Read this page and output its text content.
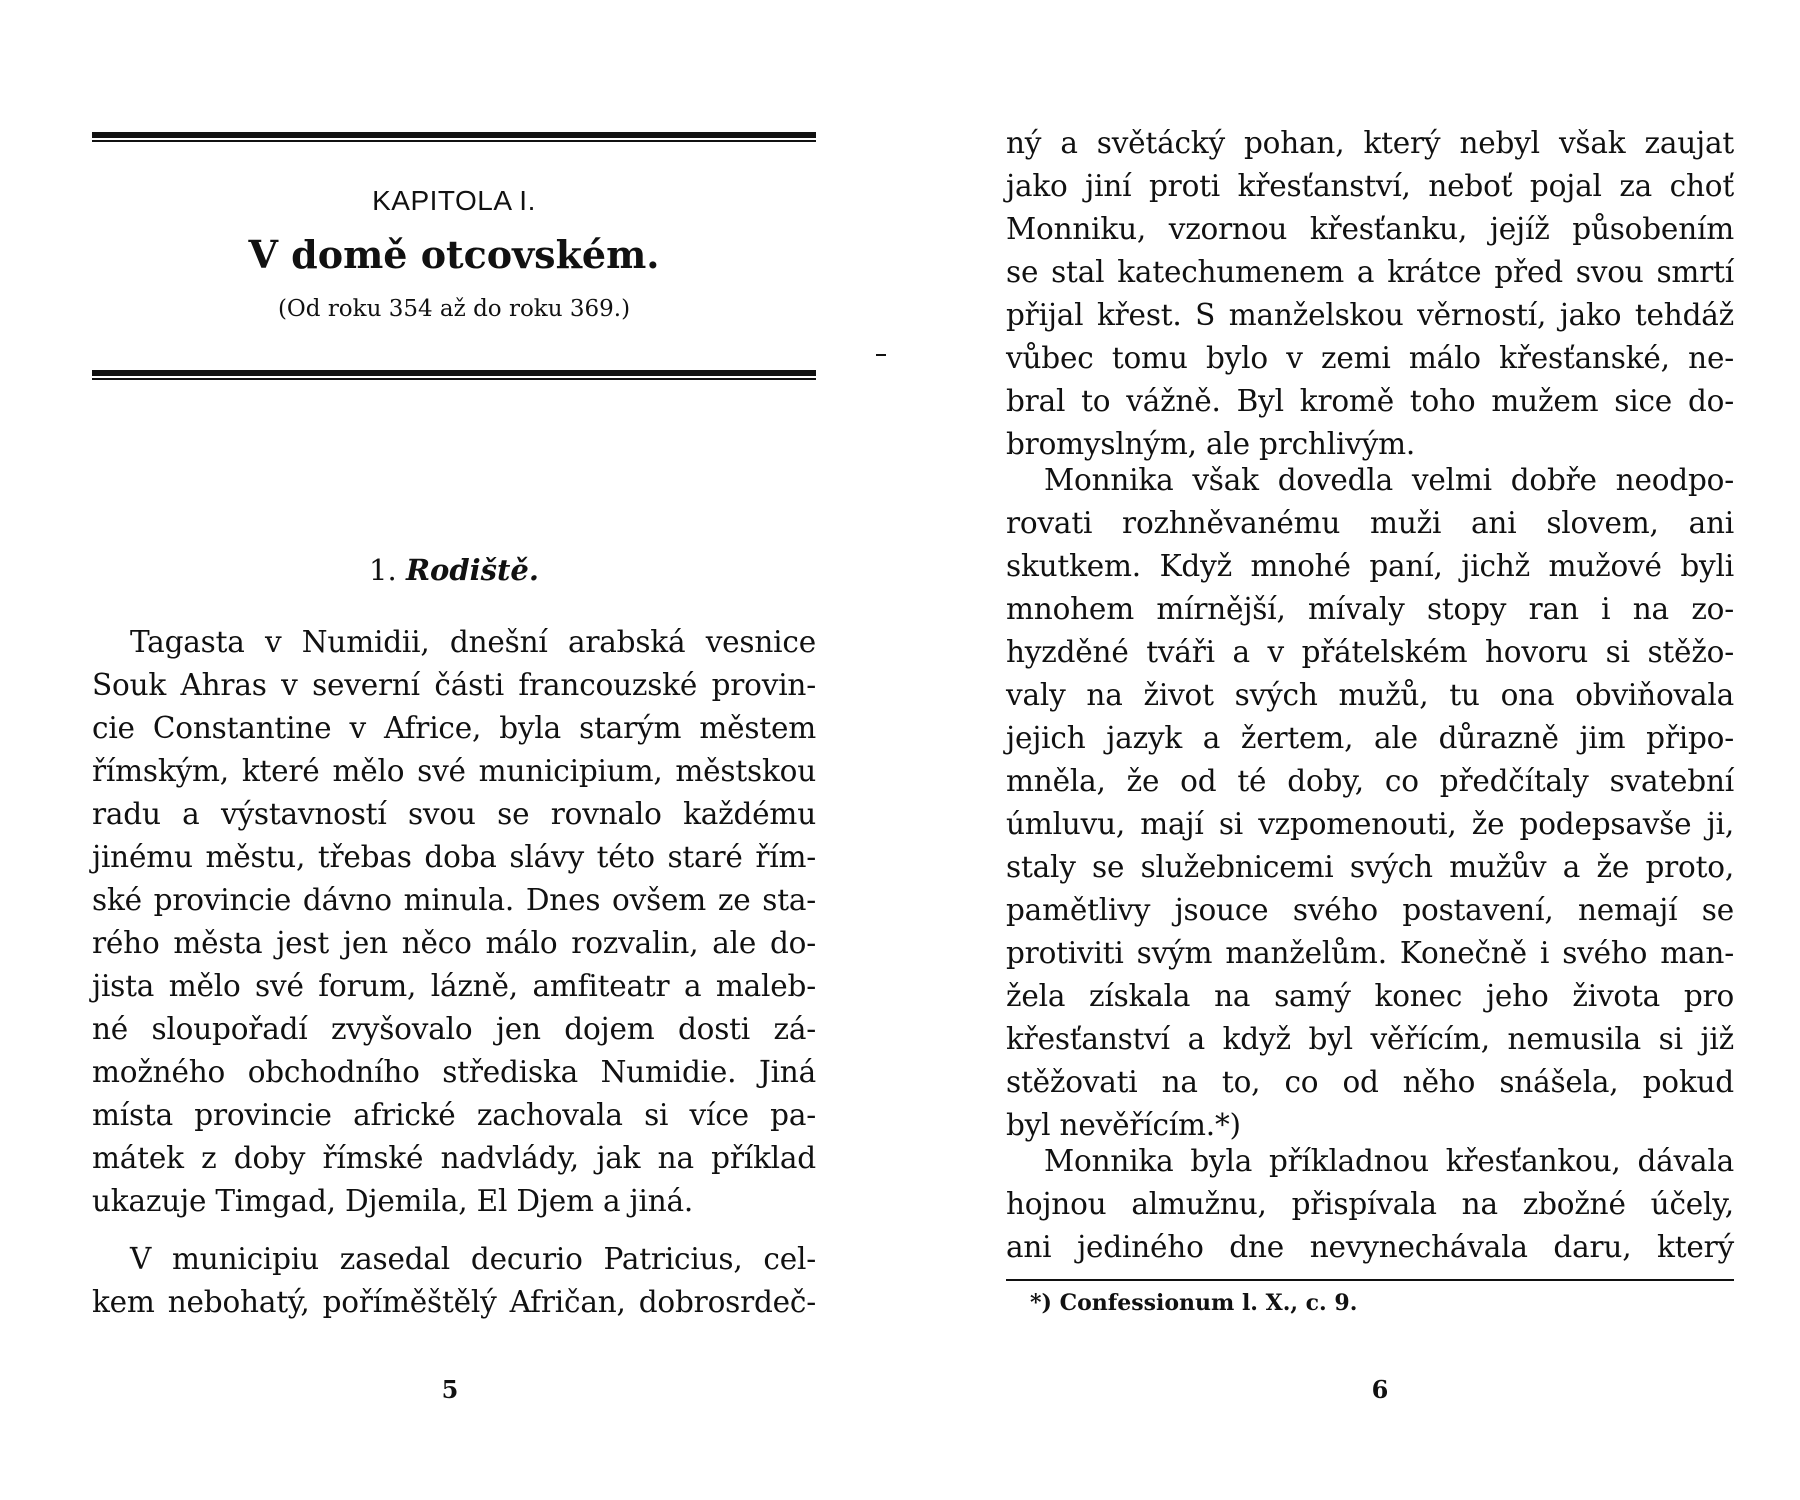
KAPITOLA I.
V domě otcovském.
(Od roku 354 až do roku 369.)
1. Rodiště.
Tagasta v Numidii, dnešní arabská vesnice
Souk Ahras v severní části francouzské provin-
cie Constantine v Africe, byla starým městem
římským, které mělo své municipium, městskou
radu a výstavností svou se rovnalo každému
jinému městu, třebas doba slávy této staré řím-
ské provincie dávno minula. Dnes ovšem ze sta-
rého města jest jen něco málo rozvalin, ale do-
jista mělo své forum, lázně, amfiteatr a maleb-
né sloupořadí zvyšovalo jen dojem dosti zá-
možného obchodního střediska Numidie. Jiná
místa provincie africké zachovala si více pa-
mátek z doby římské nadvlády, jak na příklad
ukazuje Timgad, Djemila, El Djem a jiná.
V municipiu zasedal decurio Patricius, cel-
kem nebohatý, poříměštělý Afričan, dobrosrdeč-
5
ný a světácký pohan, který nebyl však zaujat
jako jiní proti křesťanství, neboť pojal za choť
Monniku, vzornou křesťanku, jejíž působením
se stal katechumenem a krátce před svou smrtí
přijal křest. S manželskou věrností, jako tehdáž
vůbec tomu bylo v zemi málo křesťanské, ne-
bral to vážně. Byl kromě toho mužem sice do-
bromyslným, ale prchlivým.
Monnika však dovedla velmi dobře neodpo-
rovati rozhněvanému muži ani slovem, ani
skutkem. Když mnohé paní, jichž mužové byli
mnohem mírnější, mívaly stopy ran i na zo-
hyzděné tváři a v přátelském hovoru si stěžo-
valy na život svých mužů, tu ona obviňovala
jejich jazyk a žertem, ale důrazně jim připo-
mněla, že od té doby, co předčítaly svatební
úmluvu, mají si vzpomenouti, že podepsavše ji,
staly se služebnicemi svých mužův a že proto,
pamětlivy jsouce svého postavení, nemají se
protiviti svým manželům. Konečně i svého man-
žela získala na samý konec jeho života pro
křesťanství a když byl věřícím, nemusila si již
stěžovati na to, co od něho snášela, pokud
byl nevěřícím.*)
Monnika byla příkladnou křesťankou, dávala
hojnou almužnu, přispívala na zbožné účely,
ani jediného dne nevynechávala daru, který
*) Confessionum l. X., c. 9.
6
